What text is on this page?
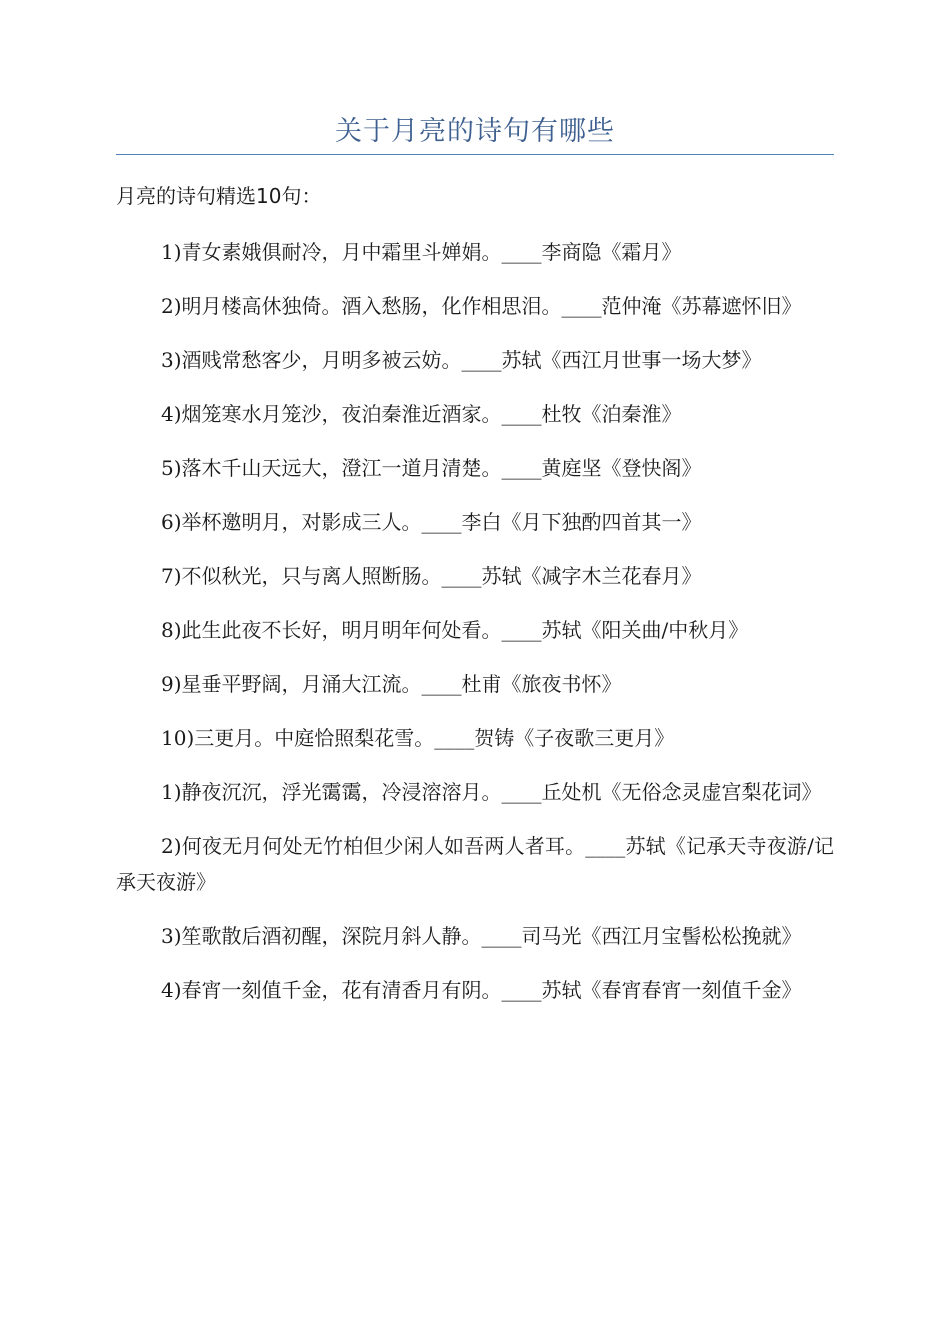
关于月亮的诗句有哪些
月亮的诗句精选10句：
1)青女素娥俱耐冷，月中霜里斗婵娟。____李商隐《霜月》
2)明月楼高休独倚。酒入愁肠，化作相思泪。____范仲淹《苏幕遮怀旧》
3)酒贱常愁客少，月明多被云妨。____苏轼《西江月世事一场大梦》
4)烟笼寒水月笼沙，夜泊秦淮近酒家。____杜牧《泊秦淮》
5)落木千山天远大，澄江一道月清楚。____黄庭坚《登快阁》
6)举杯邀明月，对影成三人。____李白《月下独酌四首其一》
7)不似秋光，只与离人照断肠。____苏轼《减字木兰花春月》
8)此生此夜不长好，明月明年何处看。____苏轼《阳关曲/中秋月》
9)星垂平野阔，月涌大江流。____杜甫《旅夜书怀》
10)三更月。中庭恰照梨花雪。____贺铸《子夜歌三更月》
1)静夜沉沉，浮光霭霭，冷浸溶溶月。____丘处机《无俗念灵虚宫梨花词》
2)何夜无月何处无竹柏但少闲人如吾两人者耳。____苏轼《记承天寺夜游/记承天夜游》
3)笙歌散后酒初醒，深院月斜人静。____司马光《西江月宝髻松松挽就》
4)春宵一刻值千金，花有清香月有阴。____苏轼《春宵春宵一刻值千金》
